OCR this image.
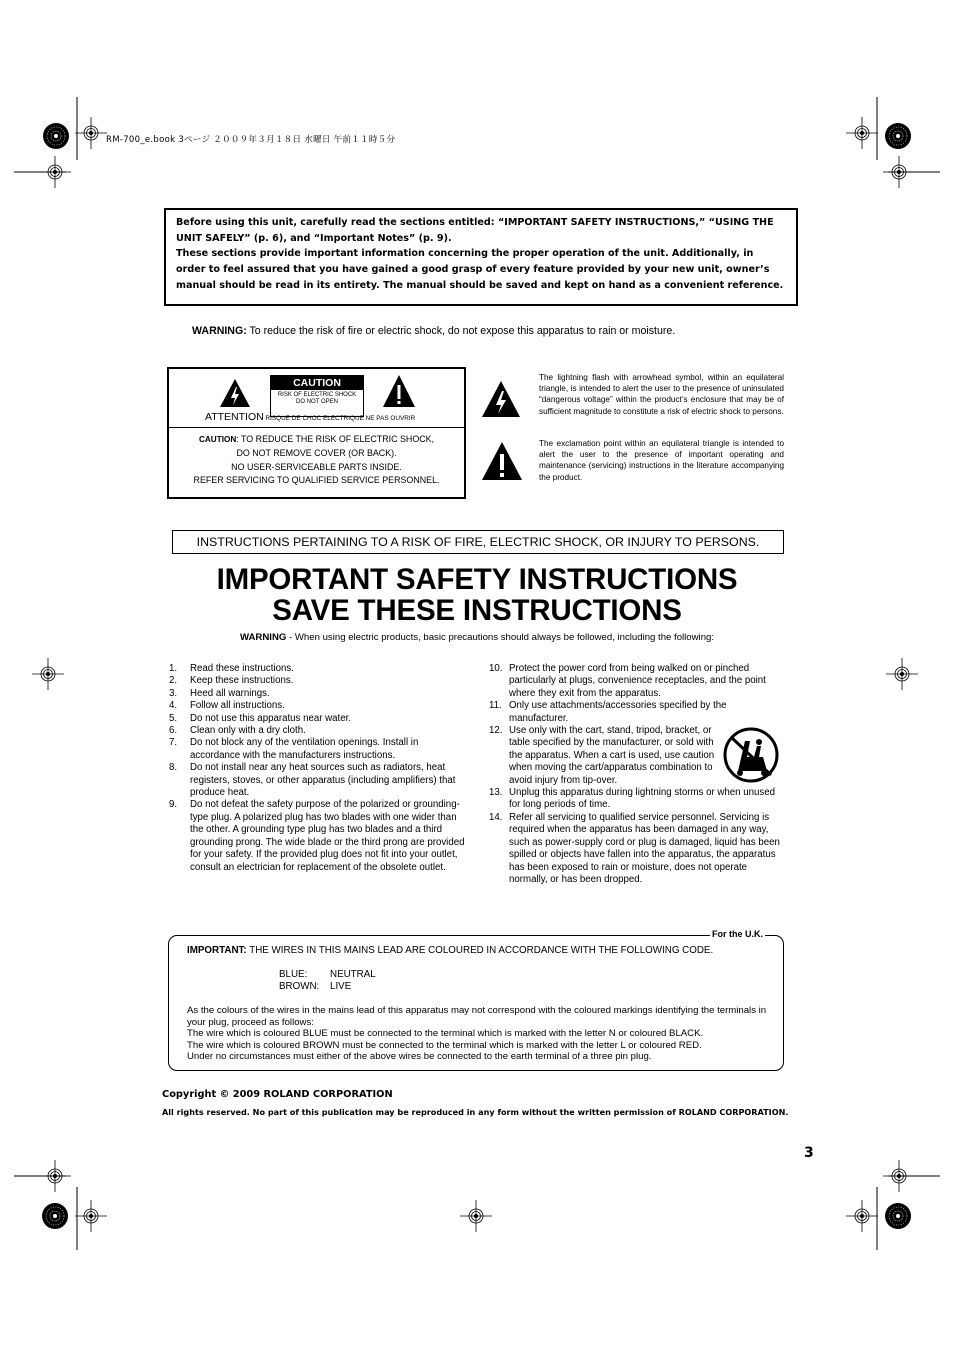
RM-700_e.book 3ページ ２００９年３月１８日 水曜日 午前１１時５分

Before using this unit, carefully read the sections entitled: “IMPORTANT SAFETY INSTRUCTIONS,” “USING THE UNIT SAFELY” (p. 6), and “Important Notes” (p. 9).

These sections provide important information concerning the proper operation of the unit. Additionally, in order to feel assured that you have gained a good grasp of every feature provided by your new unit, owner’s manual should be read in its entirety. The manual should be saved and kept on hand as a convenient reference.

WARNING: To reduce the risk of fire or electric shock, do not expose this apparatus to rain or moisture.
CAUTION
RISK OF ELECTRIC SHOCK
DO NOT OPEN
ATTENTION RISQUE DE CHOC ELECTRIQUE NE PAS OUVRIR
CAUTION: TO REDUCE THE RISK OF ELECTRIC SHOCK,
DO NOT REMOVE COVER (OR BACK).
NO USER-SERVICEABLE PARTS INSIDE.
REFER SERVICING TO QUALIFIED SERVICE PERSONNEL.
The lightning flash with arrowhead symbol, within an equilateral triangle, is intended to alert the user to the presence of uninsulated “dangerous voltage” within the product’s enclosure that may be of sufficient magnitude to constitute a risk of electric shock to persons.
The exclamation point within an equilateral triangle is intended to alert the user to the presence of important operating and maintenance (servicing) instructions in the literature accompanying the product.
INSTRUCTIONS PERTAINING TO A RISK OF FIRE, ELECTRIC SHOCK, OR INJURY TO PERSONS.
IMPORTANT SAFETY INSTRUCTIONS
SAVE THESE INSTRUCTIONS
WARNING - When using electric products, basic precautions should always be followed, including the following:
1. Read these instructions.
2. Keep these instructions.
3. Heed all warnings.
4. Follow all instructions.
5. Do not use this apparatus near water.
6. Clean only with a dry cloth.
7. Do not block any of the ventilation openings. Install in accordance with the manufacturers instructions.
8. Do not install near any heat sources such as radiators, heat registers, stoves, or other apparatus (including amplifiers) that produce heat.
9. Do not defeat the safety purpose of the polarized or grounding-type plug. A polarized plug has two blades with one wider than the other. A grounding type plug has two blades and a third grounding prong. The wide blade or the third prong are provided for your safety. If the provided plug does not fit into your outlet, consult an electrician for replacement of the obsolete outlet.
10. Protect the power cord from being walked on or pinched particularly at plugs, convenience receptacles, and the point where they exit from the apparatus.
11. Only use attachments/accessories specified by the manufacturer.
12. Use only with the cart, stand, tripod, bracket, or table specified by the manufacturer, or sold with the apparatus. When a cart is used, use caution when moving the cart/apparatus combination to avoid injury from tip-over.
13. Unplug this apparatus during lightning storms or when unused for long periods of time.
14. Refer all servicing to qualified service personnel. Servicing is required when the apparatus has been damaged in any way, such as power-supply cord or plug is damaged, liquid has been spilled or objects have fallen into the apparatus, the apparatus has been exposed to rain or moisture, does not operate normally, or has been dropped.
For the U.K.
IMPORTANT: THE WIRES IN THIS MAINS LEAD ARE COLOURED IN ACCORDANCE WITH THE FOLLOWING CODE.
BLUE: NEUTRAL
BROWN: LIVE
As the colours of the wires in the mains lead of this apparatus may not correspond with the coloured markings identifying the terminals in your plug, proceed as follows:
The wire which is coloured BLUE must be connected to the terminal which is marked with the letter N or coloured BLACK.
The wire which is coloured BROWN must be connected to the terminal which is marked with the letter L or coloured RED.
Under no circumstances must either of the above wires be connected to the earth terminal of a three pin plug.
Copyright © 2009 ROLAND CORPORATION
All rights reserved. No part of this publication may be reproduced in any form without the written permission of ROLAND CORPORATION.
3
